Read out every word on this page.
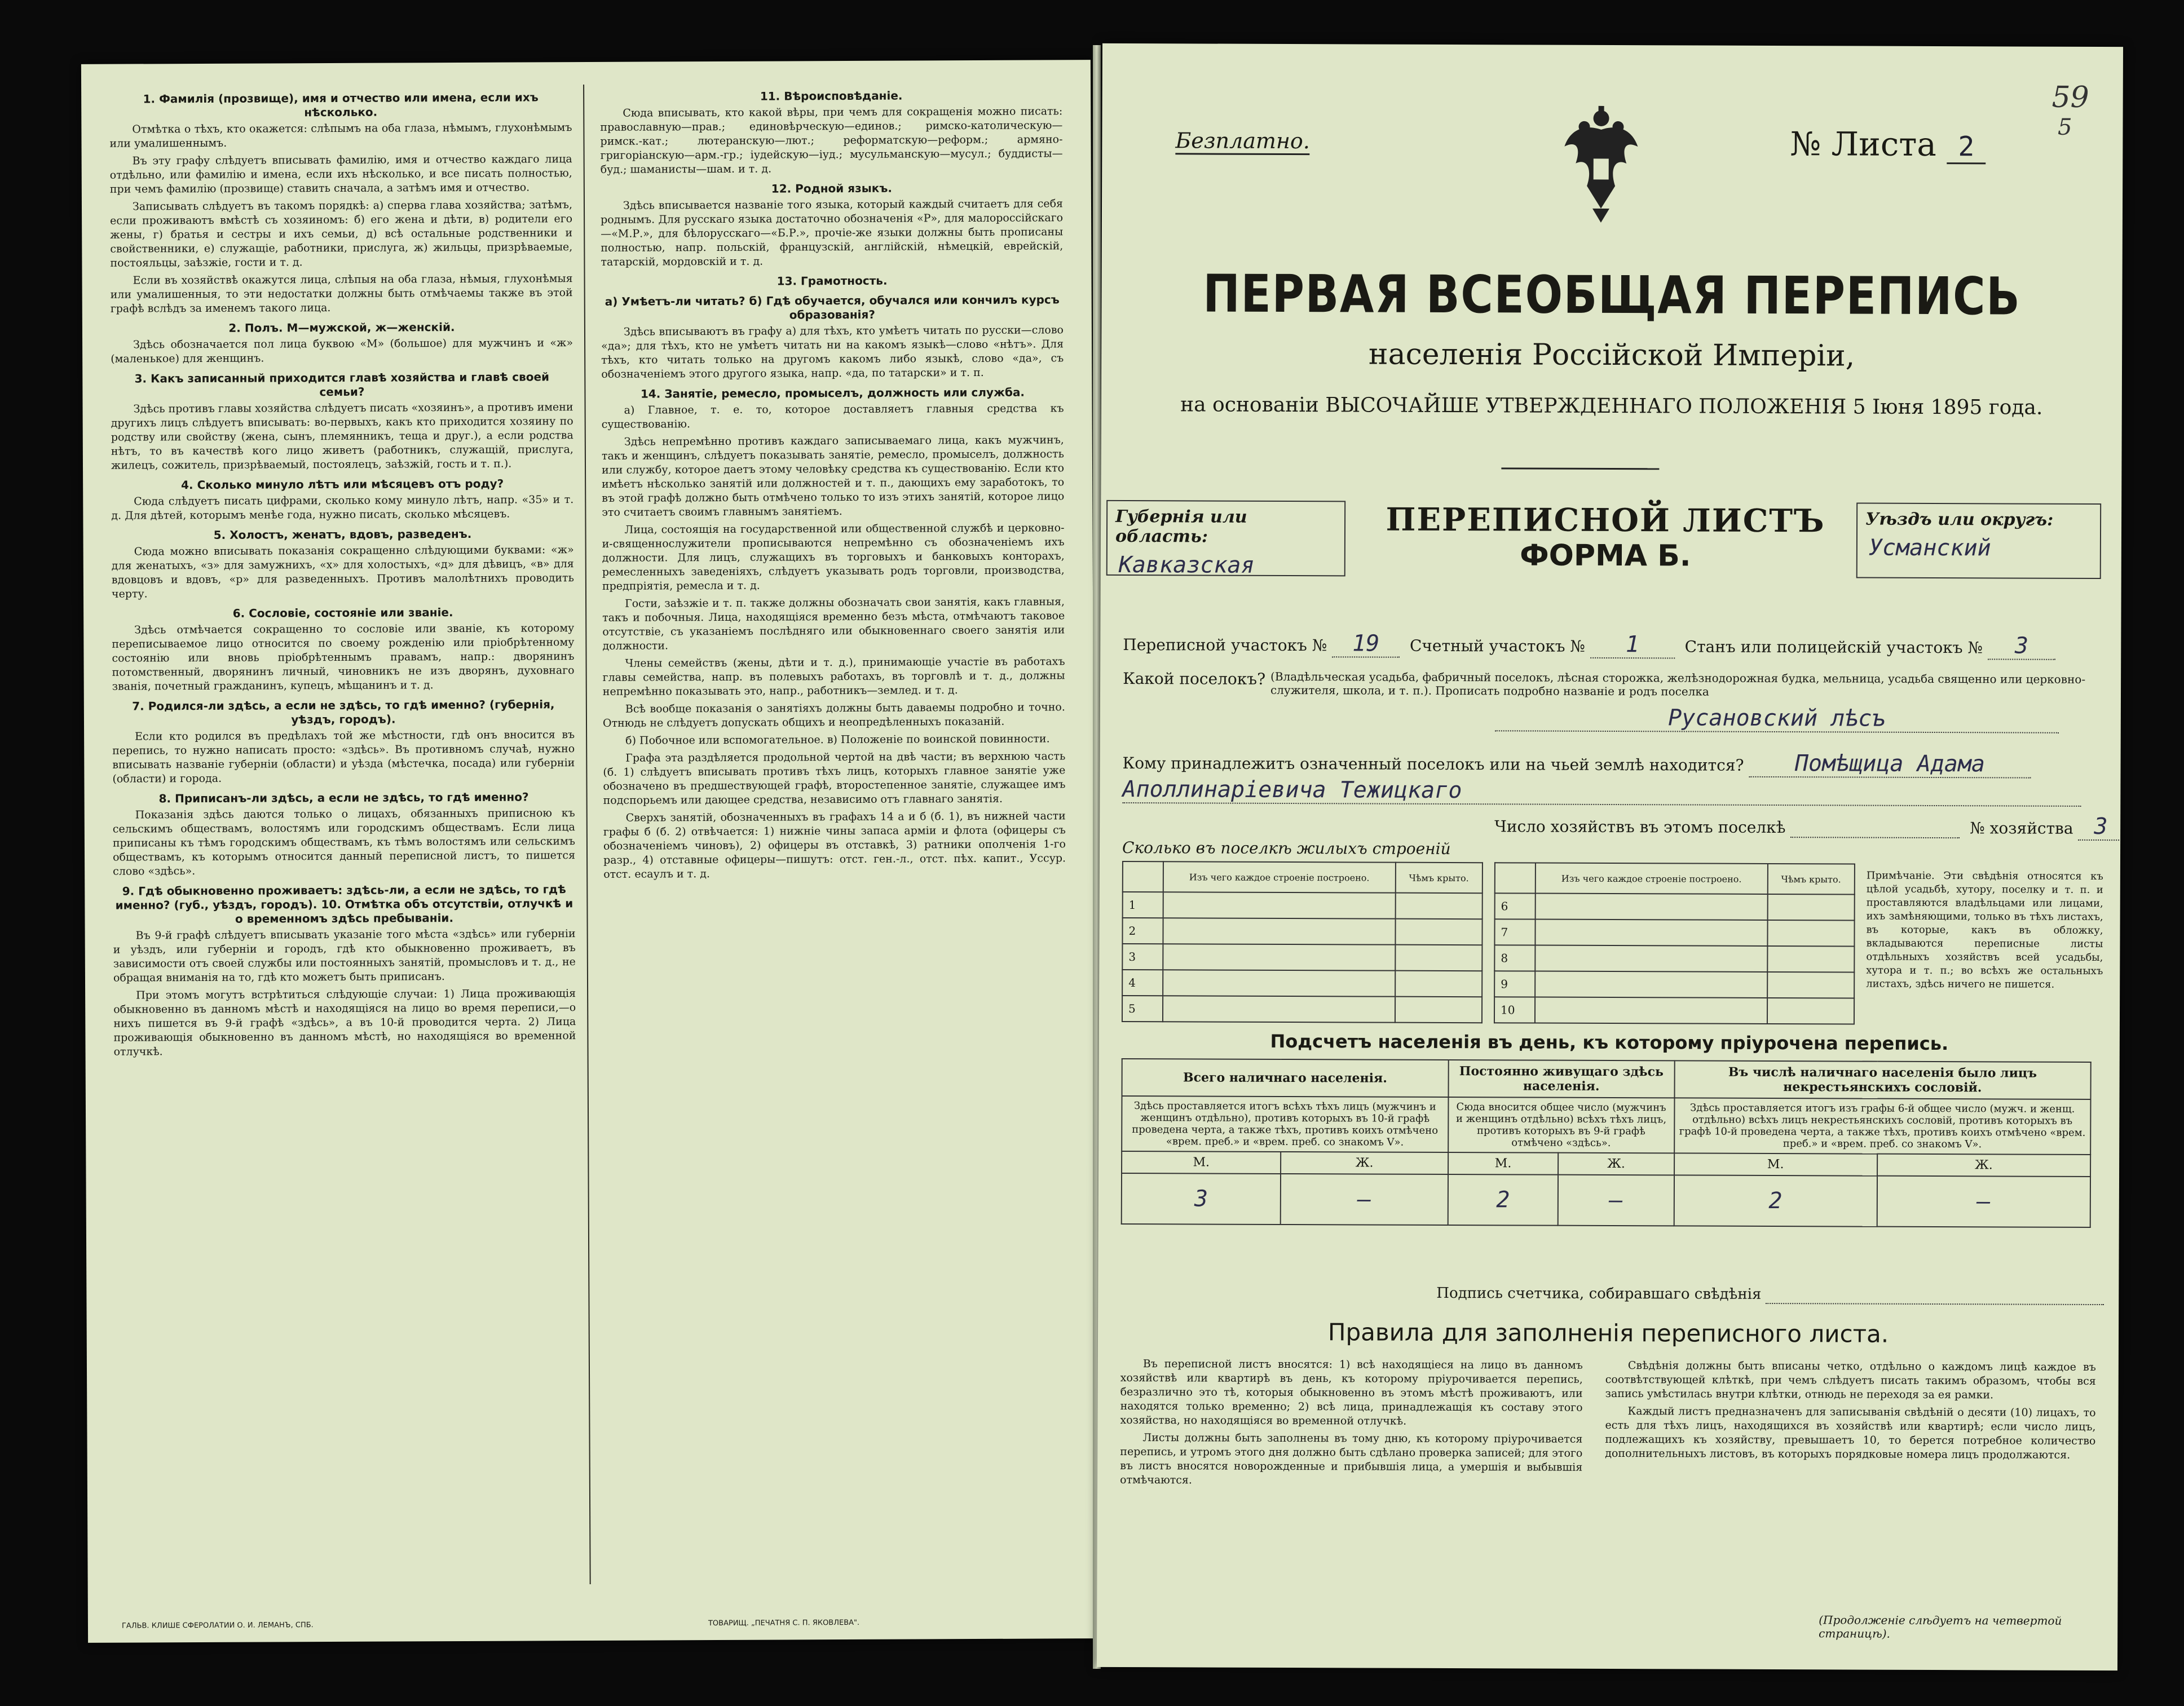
1. Фамилія (прозвище), имя и отчество или имена, если ихъ нѣсколько.

Отмѣтка о тѣхъ, кто окажется: слѣпымъ на оба глаза, нѣмымъ, глухонѣмымъ или умалишеннымъ.

Въ эту графу слѣдуетъ вписывать фамилію, имя и отчество каждаго лица отдѣльно, или фамилію и имена, если ихъ нѣсколько, и все писать полностью, при чемъ фамилію (прозвище) ставить сначала, а затѣмъ имя и отчество.

Записывать слѣдуетъ въ такомъ порядкѣ: а) сперва глава хозяйства; затѣмъ, если проживаютъ вмѣстѣ съ хозяиномъ: б) его жена и дѣти, в) родители его жены, г) братья и сестры и ихъ семьи, д) всѣ остальные родственники и свойственники, е) служащіе, работники, прислуга, ж) жильцы, призрѣваемые, постояльцы, заѣзжіе, гости и т. д.

Если въ хозяйствѣ окажутся лица, слѣпыя на оба глаза, нѣмыя, глухонѣмыя или умалишенныя, то эти недостатки должны быть отмѣчаемы также въ этой графѣ вслѣдъ за именемъ такого лица.

2. Полъ. М—мужской, ж—женскій.

Здѣсь обозначается пол лица буквою «М» (большое) для мужчинъ и «ж» (маленькое) для женщинъ.

3. Какъ записанный приходится главѣ хозяйства и главѣ своей семьи?

Здѣсь противъ главы хозяйства слѣдуетъ писать «хозяинъ», а противъ имени другихъ лицъ слѣдуетъ вписывать: во-первыхъ, какъ кто приходится хозяину по родству или свойству (жена, сынъ, племянникъ, теща и друг.), а если родства нѣтъ, то въ качествѣ кого лицо живетъ (работникъ, служащій, прислуга, жилецъ, сожитель, призрѣваемый, постоялецъ, заѣзжій, гость и т. п.).

4. Сколько минуло лѣтъ или мѣсяцевъ отъ роду?

Сюда слѣдуетъ писать цифрами, сколько кому минуло лѣтъ, напр. «35» и т. д. Для дѣтей, которымъ менѣе года, нужно писать, сколько мѣсяцевъ.

5. Холостъ, женатъ, вдовъ, разведенъ.

Сюда можно вписывать показанія сокращенно слѣдующими буквами: «ж» для женатыхъ, «з» для замужнихъ, «х» для холостыхъ, «д» для дѣвицъ, «в» для вдовцовъ и вдовъ, «р» для разведенныхъ. Противъ малолѣтнихъ проводить черту.

6. Сословіе, состояніе или званіе.

Здѣсь отмѣчается сокращенно то сословіе или званіе, къ которому переписываемое лицо относится по своему рожденію или пріобрѣтенному состоянію или вновь пріобрѣтеннымъ правамъ, напр.: дворянинъ потомственный, дворянинъ личный, чиновникъ не изъ дворянъ, духовнаго званія, почетный гражданинъ, купецъ, мѣщанинъ и т. д.

7. Родился-ли здѣсь, а если не здѣсь, то гдѣ именно? (губернія, уѣздъ, городъ).

Если кто родился въ предѣлахъ той же мѣстности, гдѣ онъ вносится въ перепись, то нужно написать просто: «здѣсь». Въ противномъ случаѣ, нужно вписывать названіе губерніи (области) и уѣзда (мѣстечка, посада) или губерніи (области) и города.

8. Приписанъ-ли здѣсь, а если не здѣсь, то гдѣ именно?

Показанія здѣсь даются только о лицахъ, обязанныхъ приписною къ сельскимъ обществамъ, волостямъ или городскимъ обществамъ. Если лица приписаны къ тѣмъ городскимъ обществамъ, къ тѣмъ волостямъ или сельскимъ обществамъ, къ которымъ относится данный переписной листъ, то пишется слово «здѣсь».

9. Гдѣ обыкновенно проживаетъ: здѣсь-ли, а если не здѣсь, то гдѣ именно? (губ., уѣздъ, городъ). 10. Отмѣтка объ отсутствіи, отлучкѣ и о временномъ здѣсь пребываніи.

Въ 9-й графѣ слѣдуетъ вписывать указаніе того мѣста «здѣсь» или губерніи и уѣздъ, или губерніи и городъ, гдѣ кто обыкновенно проживаетъ, въ зависимости отъ своей службы или постоянныхъ занятій, промысловъ и т. д., не обращая вниманія на то, гдѣ кто можетъ быть приписанъ.

При этомъ могутъ встрѣтиться слѣдующіе случаи: 1) Лица проживающія обыкновенно въ данномъ мѣстѣ и находящіяся на лицо во время переписи,—о нихъ пишется въ 9-й графѣ «здѣсь», а въ 10-й проводится черта. 2) Лица проживающія обыкновенно въ данномъ мѣстѣ, но находящіяся во временной отлучкѣ.

11. Вѣроисповѣданіе.

Сюда вписывать, кто какой вѣры, при чемъ для сокращенія можно писать: православную—прав.; единовѣрческую—единов.; римско-католическую—римск.-кат.; лютеранскую—лют.; реформатскую—реформ.; армяно-григоріанскую—арм.-гр.; іудейскую—іуд.; мусульманскую—мусул.; буддисты—буд.; шаманисты—шам. и т. д.

12. Родной языкъ.

Здѣсь вписывается названіе того языка, который каждый считаетъ для себя роднымъ. Для русскаго языка достаточно обозначенія «Р», для малороссійскаго—«М.Р.», для бѣлорусскаго—«Б.Р.», прочіе-же языки должны быть прописаны полностью, напр. польскій, французскій, англійскій, нѣмецкій, еврейскій, татарскій, мордовскій и т. д.

13. Грамотность.
а) Умѣетъ-ли читать? б) Гдѣ обучается, обучался или кончилъ курсъ образованія?

Здѣсь вписываютъ въ графу а) для тѣхъ, кто умѣетъ читать по русски—слово «да»; для тѣхъ, кто не умѣетъ читать ни на какомъ языкѣ—слово «нѣтъ». Для тѣхъ, кто читать только на другомъ какомъ либо языкѣ, слово «да», съ обозначеніемъ этого другого языка, напр. «да, по татарски» и т. п.

14. Занятіе, ремесло, промыселъ, должность или служба.

а) Главное, т. е. то, которое доставляетъ главныя средства къ существованію.

Здѣсь непремѣнно противъ каждаго записываемаго лица, какъ мужчинъ, такъ и женщинъ, слѣдуетъ показывать занятіе, ремесло, промыселъ, должность или службу, которое даетъ этому человѣку средства къ существованію. Если кто имѣетъ нѣсколько занятій или должностей и т. п., дающихъ ему заработокъ, то въ этой графѣ должно быть отмѣчено только то изъ этихъ занятій, которое лицо это считаетъ своимъ главнымъ занятіемъ.

Лица, состоящія на государственной или общественной службѣ и церковно-и-священнослужители прописываются непремѣнно съ обозначеніемъ ихъ должности. Для лицъ, служащихъ въ торговыхъ и банковыхъ конторахъ, ремесленныхъ заведеніяхъ, слѣдуетъ указывать родъ торговли, производства, предпріятія, ремесла и т. д.

Гости, заѣзжіе и т. п. также должны обозначать свои занятія, какъ главныя, такъ и побочныя. Лица, находящіяся временно безъ мѣста, отмѣчаютъ таковое отсутствіе, съ указаніемъ послѣдняго или обыкновеннаго своего занятія или должности.

Члены семействъ (жены, дѣти и т. д.), принимающіе участіе въ работахъ главы семейства, напр. въ полевыхъ работахъ, въ торговлѣ и т. д., должны непремѣнно показывать это, напр., работникъ—землед. и т. д.

Всѣ вообще показанія о занятіяхъ должны быть даваемы подробно и точно. Отнюдь не слѣдуетъ допускать общихъ и неопредѣленныхъ показаній.

б) Побочное или вспомогательное. в) Положеніе по воинской повинности.

Графа эта раздѣляется продольной чертой на двѣ части; въ верхнюю часть (б. 1) слѣдуетъ вписывать противъ тѣхъ лицъ, которыхъ главное занятіе уже обозначено въ предшествующей графѣ, второстепенное занятіе, служащее имъ подспорьемъ или дающее средства, независимо отъ главнаго занятія.

Сверхъ занятій, обозначенныхъ въ графахъ 14 а и б (б. 1), въ нижней части графы б (б. 2) отвѣчается: 1) нижніе чины запаса арміи и флота (офицеры съ обозначеніемъ чиновъ), 2) офицеры въ отставкѣ, 3) ратники ополченія 1-го разр., 4) отставные офицеры—пишутъ: отст. ген.-л., отст. пѣх. капит., Уссур. отст. есаулъ и т. д.

ГАЛЬВ. КЛИШЕ СФЕРОЛАТИИ О. И. ЛЕМАНЪ, СПБ.	ТОВАРИЩ. „ПЕЧАТНЯ С. П. ЯКОВЛЕВА".
Безплатно.	№ Листа 2
59
5
ПЕРВАЯ ВСЕОБЩАЯ ПЕРЕПИСЬ
населенія Россійской Имперіи,
на основаніи ВЫСОЧАЙШЕ УТВЕРЖДЕННАГО ПОЛОЖЕНІЯ 5 Іюня 1895 года.
Губернія или область:
Кавказская
ПЕРЕПИСНОЙ ЛИСТЪ
ФОРМА Б.
Уѣздъ или округъ:
Усманский
Переписной участокъ № 19 Счетный участокъ № 1	Станъ или полицейскій участокъ № 3
Какой поселокъ? (Владѣльческая усадьба, фабричный поселокъ, лѣсная сторожка, желѣзнодорожная будка, мельница, усадьба священно или церковно-служителя, школа, и т. п.). Прописать подробно названіе и родъ поселка
Русановский лѣсъ
Кому принадлежитъ означенный поселокъ или на чьей землѣ находится? Помѣщица Адама
Аполлинаріевича Тежицкаго
Число хозяйствъ въ этомъ поселкѣ	№ хозяйства 3
Сколько въ поселкѣ жилыхъ строеній
	Изъ чего каждое строеніе построено.	Чѣмъ крыто.
1		
2		
3		
4		
5		
	Изъ чего каждое строеніе построено.	Чѣмъ крыто.
6		
7		
8		
9		
10		
Примѣчаніе. Эти свѣдѣнія относятся къ цѣлой усадьбѣ, хутору, поселку и т. п. и проставляются владѣльцами или лицами, ихъ замѣняющими, только въ тѣхъ листахъ, въ которые, какъ въ обложку, вкладываются переписные листы отдѣльныхъ хозяйствъ всей усадьбы, хутора и т. п.; во всѣхъ же остальныхъ листахъ, здѣсь ничего не пишется.
Подсчетъ населенія въ день, къ которому пріурочена перепись.
Всего наличнаго населенія.		Постоянно живущаго здѣсь населенія.		Въ числѣ наличнаго населенія было лицъ некрестьянскихъ сословій.	
Здѣсь проставляется итогъ всѣхъ тѣхъ лицъ (мужчинъ и женщинъ отдѣльно), противъ которыхъ въ 10-й графѣ проведена черта, а также тѣхъ, противъ коихъ отмѣчено «врем. преб.» и «врем. преб. со знакомъ V».		Сюда вносится общее число (мужчинъ и женщинъ отдѣльно) всѣхъ тѣхъ лицъ, противъ которыхъ въ 9-й графѣ отмѣчено «здѣсь».		Здѣсь проставляется итогъ изъ графы 6-й общее число (мужч. и женщ. отдѣльно) всѣхъ лицъ некрестьянскихъ сословій, противъ которыхъ въ графѣ 10-й проведена черта, а также тѣхъ, противъ коихъ отмѣчено «врем. преб.» и «врем. преб. со знакомъ V».	
М.	Ж.	М.	Ж.	М.	Ж.
3	—	2	—	2	—
Подпись счетчика, собиравшаго свѣдѣнія
Правила для заполненія переписного листа.

Въ переписной листъ вносятся: 1) всѣ находящіеся на лицо въ данномъ хозяйствѣ или квартирѣ въ день, къ которому пріурочивается перепись, безразлично это тѣ, которыя обыкновенно въ этомъ мѣстѣ проживаютъ, или находятся только временно; 2) всѣ лица, принадлежащія къ составу этого хозяйства, но находящіяся во временной отлучкѣ.

Листы должны быть заполнены въ тому дню, къ которому пріурочивается перепись, и утромъ этого дня должно быть сдѣлано проверка записей; для этого въ листъ вносятся новорожденные и прибывшія лица, а умершія и выбывшія отмѣчаются.

Свѣдѣнія должны быть вписаны четко, отдѣльно о каждомъ лицѣ каждое въ соотвѣтствующей клѣткѣ, при чемъ слѣдуетъ писать такимъ образомъ, чтобы вся запись умѣстилась внутри клѣтки, отнюдь не переходя за ея рамки.

Каждый листъ предназначенъ для записыванія свѣдѣній о десяти (10) лицахъ, то есть для тѣхъ лицъ, находящихся въ хозяйствѣ или квартирѣ; если число лицъ, подлежащихъ къ хозяйству, превышаетъ 10, то берется потребное количество дополнительныхъ листовъ, въ которыхъ порядковые номера лицъ продолжаются.

(Продолженіе слѣдуетъ на четвертой страницѣ).
